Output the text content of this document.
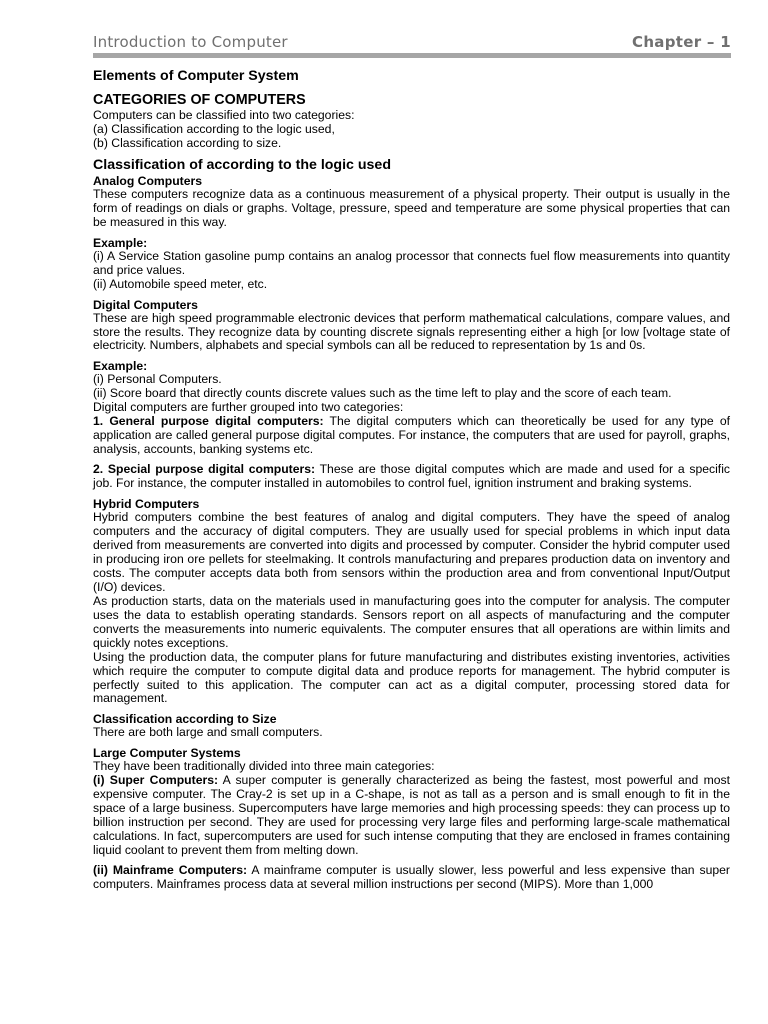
Introduction to Computer	Chapter – 1
Elements of Computer System
CATEGORIES OF COMPUTERS

Computers can be classified into two categories:

(a) Classification according to the logic used,

(b) Classification according to size.

Classification of according to the logic used
Analog Computers

These computers recognize data as a continuous measurement of a physical property. Their output is usually in the form of readings on dials or graphs. Voltage, pressure, speed and temperature are some physical properties that can be measured in this way.

Example:

(i) A Service Station gasoline pump contains an analog processor that connects fuel flow measurements into quantity and price values.

(ii) Automobile speed meter, etc.

Digital Computers

These are high speed programmable electronic devices that perform mathematical calculations, compare values, and store the results. They recognize data by counting discrete signals representing either a high [or low [voltage state of electricity. Numbers, alphabets and special symbols can all be reduced to representation by 1s and 0s.

Example:

(i) Personal Computers.

(ii) Score board that directly counts discrete values such as the time left to play and the score of each team.

Digital computers are further grouped into two categories:

1. General purpose digital computers: The digital computers which can theoretically be used for any type of application are called general purpose digital computes. For instance, the computers that are used for payroll, graphs, analysis, accounts, banking systems etc.

2. Special purpose digital computers: These are those digital computes which are made and used for a specific job. For instance, the computer installed in automobiles to control fuel, ignition instrument and braking systems.

Hybrid Computers

Hybrid computers combine the best features of analog and digital computers. They have the speed of analog computers and the accuracy of digital computers. They are usually used for special problems in which input data derived from measurements are converted into digits and processed by computer. Consider the hybrid computer used in producing iron ore pellets for steelmaking. It controls manufacturing and prepares production data on inventory and costs. The computer accepts data both from sensors within the production area and from conventional Input/Output (I/O) devices.

As production starts, data on the materials used in manufacturing goes into the computer for analysis. The computer uses the data to establish operating standards. Sensors report on all aspects of manufacturing and the computer converts the measurements into numeric equivalents. The computer ensures that all operations are within limits and quickly notes exceptions.

Using the production data, the computer plans for future manufacturing and distributes existing inventories, activities which require the computer to compute digital data and produce reports for management. The hybrid computer is perfectly suited to this application. The computer can act as a digital computer, processing stored data for management.

Classification according to Size

There are both large and small computers.

Large Computer Systems

They have been traditionally divided into three main categories:

(i) Super Computers: A super computer is generally characterized as being the fastest, most powerful and most expensive computer. The Cray-2 is set up in a C-shape, is not as tall as a person and is small enough to fit in the space of a large business. Supercomputers have large memories and high processing speeds: they can process up to billion instruction per second. They are used for processing very large files and performing large-scale mathematical calculations. In fact, supercomputers are used for such intense computing that they are enclosed in frames containing liquid coolant to prevent them from melting down.

(ii) Mainframe Computers: A mainframe computer is usually slower, less powerful and less expensive than super computers. Mainframes process data at several million instructions per second (MIPS). More than 1,000
